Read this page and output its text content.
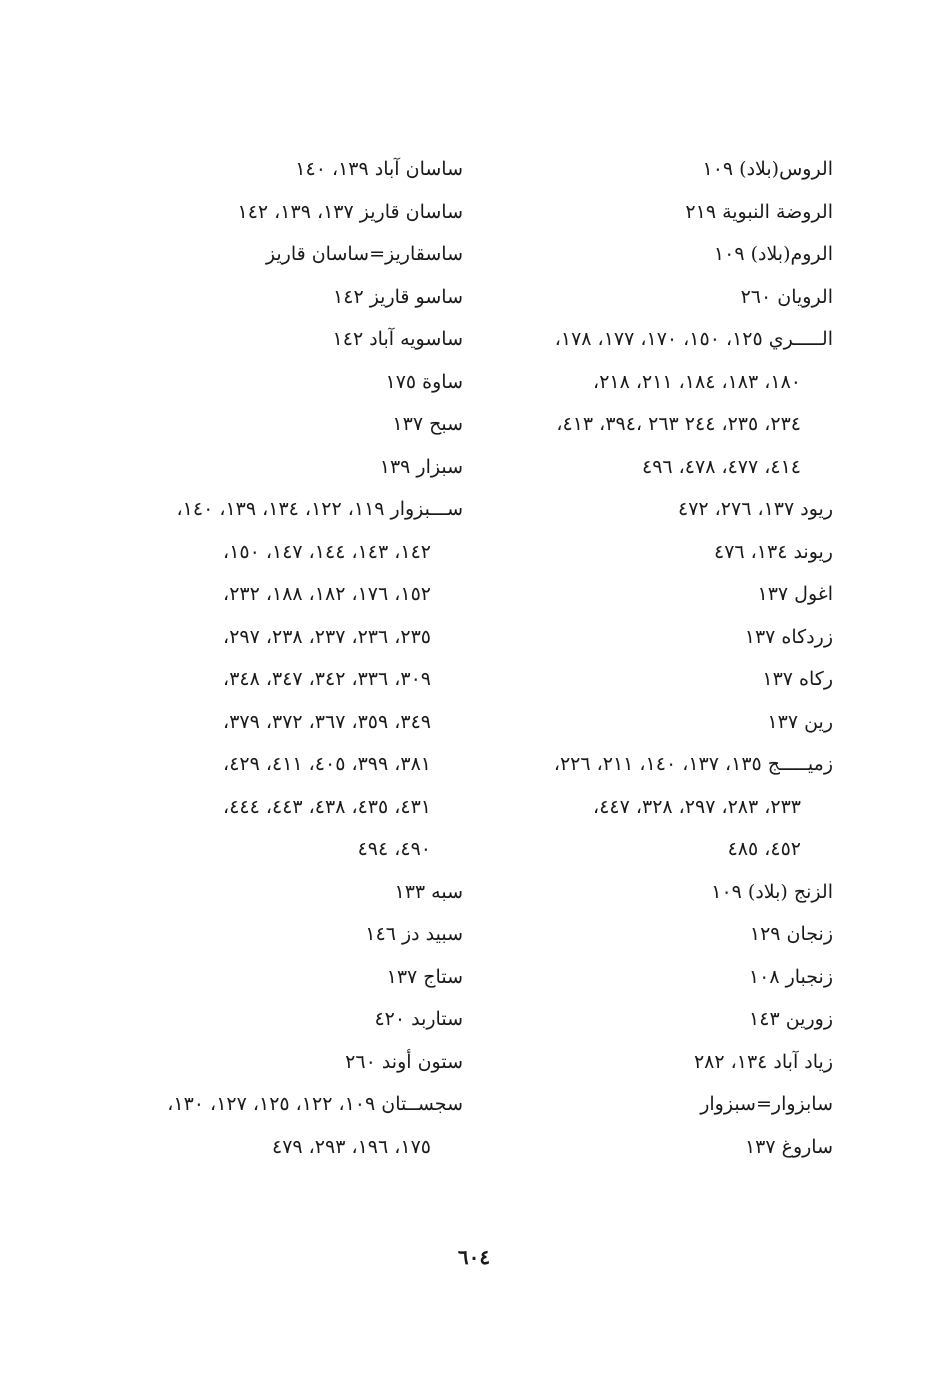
الروس(بلاد) ١٠٩
الروضة النبوية ٢١٩
الروم(بلاد) ١٠٩
الرويان ٢٦٠
الـــــري ١٢٥، ١٥٠، ١٧٠، ١٧٧، ١٧٨،
١٨٠، ١٨٣، ١٨٤، ٢١١، ٢١٨،
٢٣٤، ٢٣٥، ٢٤٤ ٢٦٣ ،٣٩٤، ٤١٣،
٤١٤، ٤٧٧، ٤٧٨، ٤٩٦
ريود ١٣٧، ٢٧٦، ٤٧٢
ريوند ١٣٤، ٤٧٦
اغول ١٣٧
زردكاه ١٣٧
ركاه ١٣٧
رين ١٣٧
زميـــــج ١٣٥، ١٣٧، ١٤٠، ٢١١، ٢٢٦،
٢٣٣، ٢٨٣، ٢٩٧، ٣٢٨، ٤٤٧،
٤٥٢، ٤٨٥
الزنج (بلاد) ١٠٩
زنجان ١٢٩
زنجبار ١٠٨
زورين ١٤٣
زياد آباد ١٣٤، ٢٨٢
سابزوار=سبزوار
ساروغ ١٣٧
ساسان آباد ١٣٩، ١٤٠
ساسان قاريز ١٣٧، ١٣٩، ١٤٢
ساسقاريز=ساسان قاريز
ساسو قاريز ١٤٢
ساسويه آباد ١٤٢
ساوة ١٧٥
سبح ١٣٧
سبزار ١٣٩
ســـبزوار ١١٩، ١٢٢، ١٣٤، ١٣٩، ١٤٠،
١٤٢، ١٤٣، ١٤٤، ١٤٧، ١٥٠،
١٥٢، ١٧٦، ١٨٢، ١٨٨، ٢٣٢،
٢٣٥، ٢٣٦، ٢٣٧، ٢٣٨، ٢٩٧،
٣٠٩، ٣٣٦، ٣٤٢، ٣٤٧، ٣٤٨،
٣٤٩، ٣٥٩، ٣٦٧، ٣٧٢، ٣٧٩،
٣٨١، ٣٩٩، ٤٠٥، ٤١١، ٤٢٩،
٤٣١، ٤٣٥، ٤٣٨، ٤٤٣، ٤٤٤،
٤٩٠، ٤٩٤
سبه ١٣٣
سبيد دز ١٤٦
ستاج ١٣٧
ستاربد ٤٢٠
ستون أوند ٢٦٠
سجســتان ١٠٩، ١٢٢، ١٢٥، ١٢٧، ١٣٠،
١٧٥، ١٩٦، ٢٩٣، ٤٧٩
٦٠٤
